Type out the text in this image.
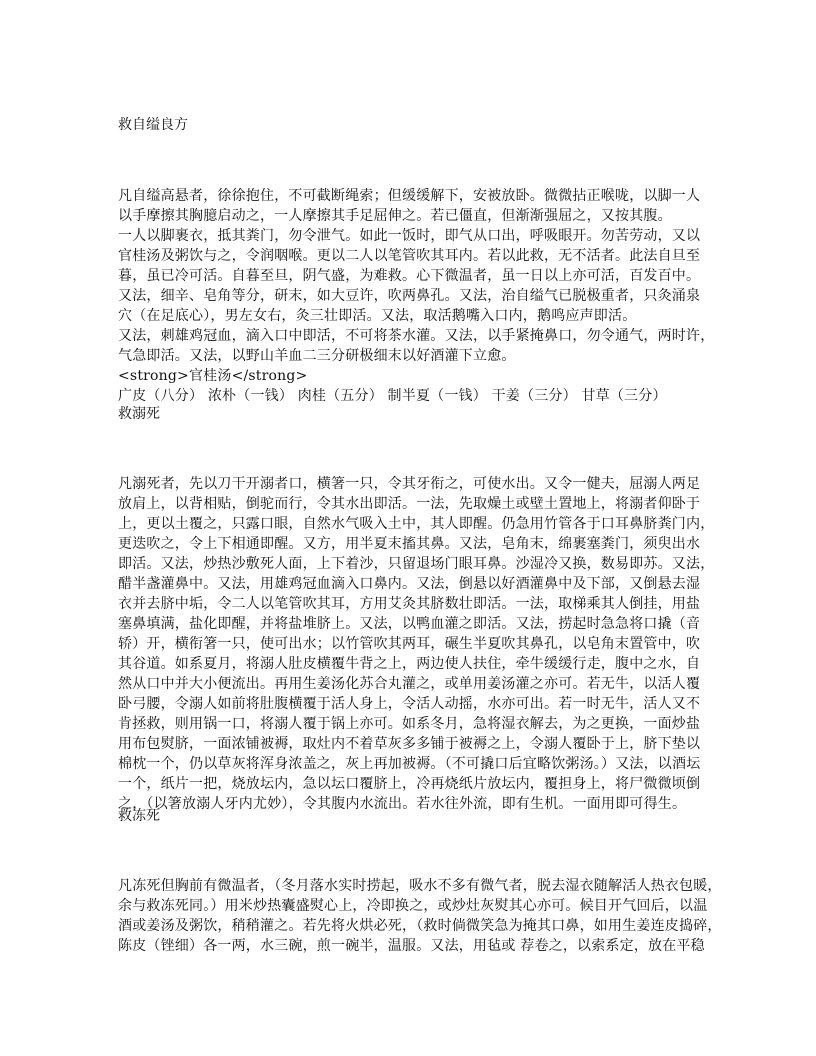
救自缢良方
凡自缢高悬者，徐徐抱住，不可截断绳索；但缓缓解下，安被放卧。微微拈正喉咙，以脚一人
以手摩擦其胸臆启动之，一人摩擦其手足屈伸之。若已僵直，但渐渐强屈之，又按其腹。
一人以脚裹衣，抵其粪门，勿令泄气。如此一饭时，即气从口出，呼吸眼开。勿苦劳动，又以
官桂汤及粥饮与之，令润咽喉。更以二人以笔管吹其耳内。若以此救，无不活者。此法自旦至
暮，虽已冷可活。自暮至旦，阴气盛，为难救。心下微温者，虽一日以上亦可活，百发百中。
又法，细辛、皂角等分，研末，如大豆许，吹两鼻孔。又法，治自缢气已脱极重者，只灸涌泉
穴（在足底心），男左女右，灸三壮即活。又法，取活鹅嘴入口内，鹅鸣应声即活。
又法，刺雄鸡冠血，滴入口中即活，不可将茶水灌。又法，以手紧掩鼻口，勿令通气，两时许，
气急即活。又法，以野山羊血二三分研极细末以好酒灌下立愈。
<strong>官桂汤</strong>
广皮（八分） 浓朴（一钱） 肉桂（五分） 制半夏（一钱） 干姜（三分） 甘草（三分）
救溺死
凡溺死者，先以刀干开溺者口，横箸一只，令其牙衔之，可使水出。又令一健夫，屈溺人两足
放肩上，以背相贴，倒驼而行，令其水出即活。一法，先取燥土或壁土置地上，将溺者仰卧于
上，更以土覆之，只露口眼，自然水气吸入土中，其人即醒。仍急用竹管各于口耳鼻脐粪门内，
更迭吹之，令上下相通即醒。又方，用半夏末搐其鼻。又法，皂角末，绵裹塞粪门，须臾出水
即活。又法，炒热沙敷死人面，上下着沙，只留退场门眼耳鼻。沙湿冷又换，数易即苏。又法，
醋半盏灌鼻中。又法，用雄鸡冠血滴入口鼻内。又法，倒悬以好酒灌鼻中及下部，又倒悬去湿
衣并去脐中垢，令二人以笔管吹其耳，方用艾灸其脐数壮即活。一法，取梯乘其人倒挂，用盐
塞鼻填满，盐化即醒，并将盐堆脐上。又法，以鸭血灌之即活。又法，捞起时急急将口撬（音
轿）开，横衔箸一只，使可出水；以竹管吹其两耳，碾生半夏吹其鼻孔，以皂角末置管中，吹
其谷道。如系夏月，将溺人肚皮横覆牛背之上，两边使人扶住，牵牛缓缓行走，腹中之水，自
然从口中并大小便流出。再用生姜汤化苏合丸灌之，或单用姜汤灌之亦可。若无牛，以活人覆
卧弓腰，令溺人如前将肚腹横覆于活人身上，令活人动摇，水亦可出。若一时无牛，活人又不
肯拯救，则用锅一口，将溺人覆于锅上亦可。如系冬月，急将湿衣解去，为之更换，一面炒盐
用布包熨脐，一面浓铺被褥，取灶内不着草灰多多铺于被褥之上，令溺人覆卧于上，脐下垫以
棉枕一个，仍以草灰将浑身浓盖之，灰上再加被褥。（不可撬口后宜略饮粥汤。）又法，以酒坛
一个，纸片一把，烧放坛内，急以坛口覆脐上，冷再烧纸片放坛内，覆担身上，将尸微微顷倒
之，（以箸放溺人牙内尤妙），令其腹内水流出。若水往外流，即有生机。一面用即可得生。
救冻死
凡冻死但胸前有微温者，（冬月落水实时捞起，吸水不多有微气者，脱去湿衣随解活人热衣包暖，
余与救冻死同。）用米炒热囊盛熨心上，冷即换之，或炒灶灰熨其心亦可。候目开气回后，以温
酒或姜汤及粥饮，稍稍灌之。若先将火烘必死，（救时倘微笑急为掩其口鼻，如用生姜连皮捣碎，
陈皮（锉细）各一两，水三碗，煎一碗半，温服。又法，用毡或 荐卷之，以索系定，放在平稳
